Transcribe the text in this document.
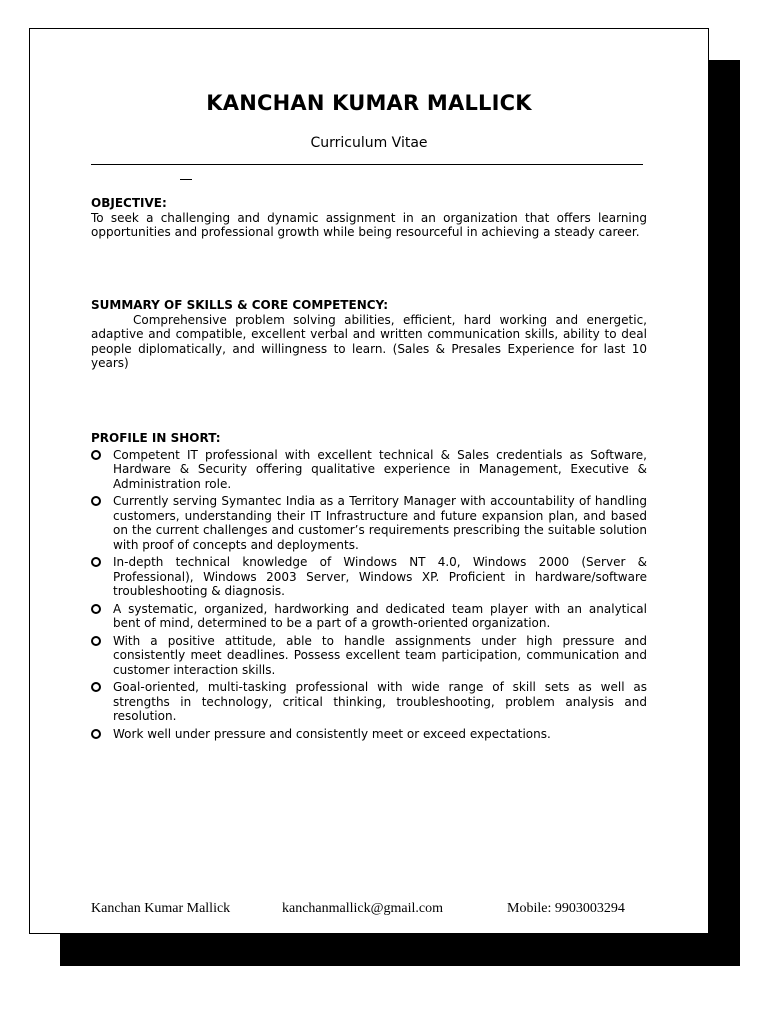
KANCHAN KUMAR MALLICK
Curriculum Vitae
OBJECTIVE:
To seek a challenging and dynamic assignment in an organization that offers learning opportunities and professional growth while being resourceful in achieving a steady career.
SUMMARY OF SKILLS & CORE COMPETENCY:
Comprehensive problem solving abilities, efficient, hard working and energetic, adaptive and compatible, excellent verbal and written communication skills, ability to deal people diplomatically, and willingness to learn. (Sales & Presales Experience for last 10 years)
PROFILE IN SHORT:
Competent IT professional with excellent technical & Sales credentials as Software, Hardware & Security offering qualitative experience in Management, Executive & Administration role.
Currently serving Symantec India as a Territory Manager with accountability of handling customers, understanding their IT Infrastructure and future expansion plan, and based on the current challenges and customer’s requirements prescribing the suitable solution with proof of concepts and deployments.
In-depth technical knowledge of Windows NT 4.0, Windows 2000 (Server & Professional), Windows 2003 Server, Windows XP. Proficient in hardware/software troubleshooting & diagnosis.
A systematic, organized, hardworking and dedicated team player with an analytical bent of mind, determined to be a part of a growth-oriented organization.
With a positive attitude, able to handle assignments under high pressure and consistently meet deadlines. Possess excellent team participation, communication and customer interaction skills.
Goal-oriented, multi-tasking professional with wide range of skill sets as well as strengths in technology, critical thinking, troubleshooting, problem analysis and resolution.
Work well under pressure and consistently meet or exceed expectations.
Kanchan Kumar Mallick	kanchanmallick@gmail.com	Mobile: 9903003294
